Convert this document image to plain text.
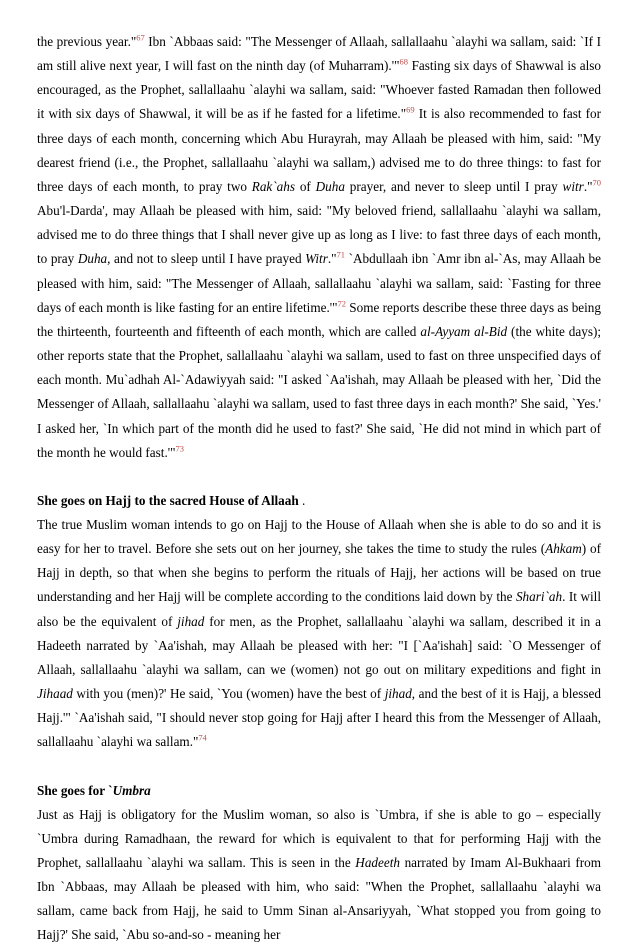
the previous year."$^{67}$ Ibn `Abbaas said: "The Messenger of Allaah, sallallaahu `alayhi wa sallam, said: `If I am still alive next year, I will fast on the ninth day (of Muharram).'"$^{68}$ Fasting six days of Shawwal is also encouraged, as the Prophet, sallallaahu `alayhi wa sallam, said: "Whoever fasted Ramadan then followed it with six days of Shawwal, it will be as if he fasted for a lifetime."$^{69}$ It is also recommended to fast for three days of each month, concerning which Abu Hurayrah, may Allaah be pleased with him, said: "My dearest friend (i.e., the Prophet, sallallaahu `alayhi wa sallam,) advised me to do three things: to fast for three days of each month, to pray two Rak`ahs of Duha prayer, and never to sleep until I pray witr."$^{70}$ Abu'l-Darda', may Allaah be pleased with him, said: "My beloved friend, sallallaahu `alayhi wa sallam, advised me to do three things that I shall never give up as long as I live: to fast three days of each month, to pray Duha, and not to sleep until I have prayed Witr."$^{71}$ `Abdullaah ibn `Amr ibn al-`As, may Allaah be pleased with him, said: "The Messenger of Allaah, sallallaahu `alayhi wa sallam, said: `Fasting for three days of each month is like fasting for an entire lifetime.'"$^{72}$ Some reports describe these three days as being the thirteenth, fourteenth and fifteenth of each month, which are called al-Ayyam al-Bid (the white days); other reports state that the Prophet, sallallaahu `alayhi wa sallam, used to fast on three unspecified days of each month. Mu`adhah Al-`Adawiyyah said: "I asked `Aa'ishah, may Allaah be pleased with her, `Did the Messenger of Allaah, sallallaahu `alayhi wa sallam, used to fast three days in each month?' She said, `Yes.' I asked her, `In which part of the month did he used to fast?' She said, `He did not mind in which part of the month he would fast.'"$^{73}$

She goes on Hajj to the sacred House of Allaah .

The true Muslim woman intends to go on Hajj to the House of Allaah when she is able to do so and it is easy for her to travel. Before she sets out on her journey, she takes the time to study the rules (Ahkam) of Hajj in depth, so that when she begins to perform the rituals of Hajj, her actions will be based on true understanding and her Hajj will be complete according to the conditions laid down by the Shari`ah. It will also be the equivalent of jihad for men, as the Prophet, sallallaahu `alayhi wa sallam, described it in a Hadeeth narrated by `Aa'ishah, may Allaah be pleased with her: "I [`Aa'ishah] said: `O Messenger of Allaah, sallallaahu `alayhi wa sallam, can we (women) not go out on military expeditions and fight in Jihaad with you (men)?' He said, `You (women) have the best of jihad, and the best of it is Hajj, a blessed Hajj.'" `Aa'ishah said, "I should never stop going for Hajj after I heard this from the Messenger of Allaah, sallallaahu `alayhi wa sallam."$^{74}$

She goes for `Umbra

Just as Hajj is obligatory for the Muslim woman, so also is `Umbra, if she is able to go – especially `Umbra during Ramadhaan, the reward for which is equivalent to that for performing Hajj with the Prophet, sallallaahu `alayhi wa sallam. This is seen in the Hadeeth narrated by Imam Al-Bukhaari from Ibn `Abbaas, may Allaah be pleased with him, who said: "When the Prophet, sallallaahu `alayhi wa sallam, came back from Hajj, he said to Umm Sinan al-Ansariyyah, `What stopped you from going to Hajj?' She said, `Abu so-and-so - meaning her
